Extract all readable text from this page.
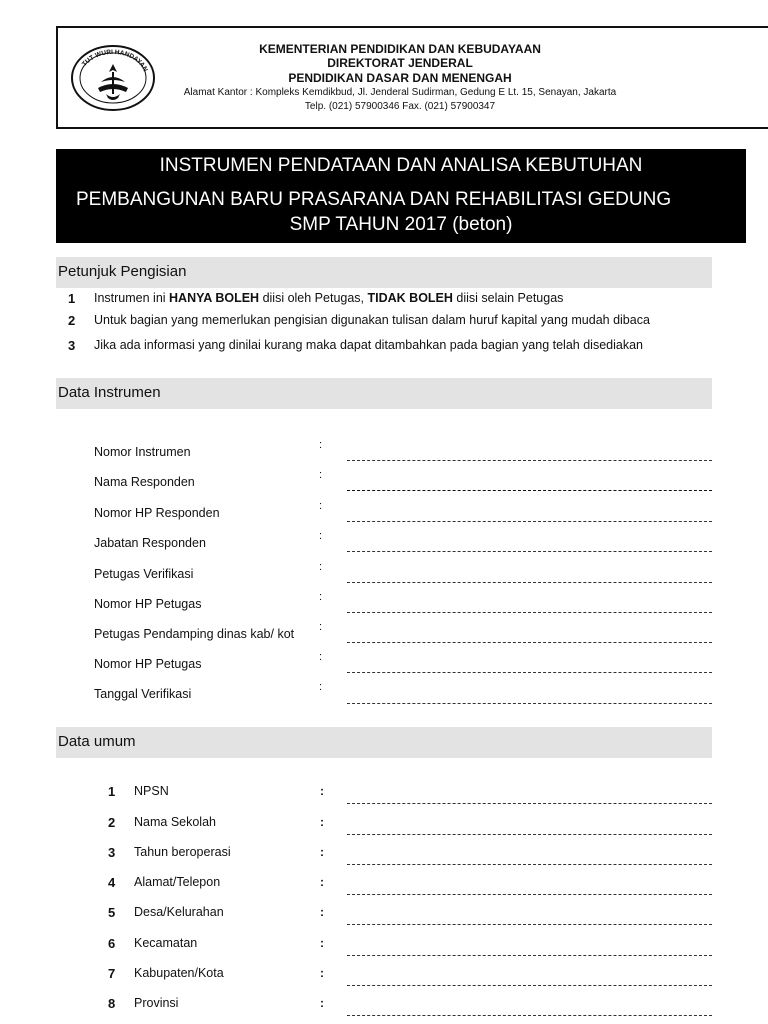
TUT WURI HANDAYAN
KEMENTERIAN PENDIDIKAN DAN KEBUDAYAAN
DIREKTORAT JENDERAL
PENDIDIKAN DASAR DAN MENENGAH
Alamat Kantor : Kompleks Kemdikbud, Jl. Jenderal Sudirman, Gedung E Lt. 15, Senayan, Jakarta
Telp. (021) 57900346 Fax. (021) 57900347
INSTRUMEN PENDATAAN DAN ANALISA KEBUTUHAN
PEMBANGUNAN BARU PRASARANA DAN REHABILITASI GEDUNG
SMP TAHUN 2017 (beton)
Petunjuk Pengisian
1	Instrumen ini HANYA BOLEH diisi oleh Petugas, TIDAK BOLEH diisi selain Petugas
2	Untuk bagian yang memerlukan pengisian digunakan tulisan dalam huruf kapital yang mudah dibaca
3	Jika ada informasi yang dinilai kurang maka dapat ditambahkan pada bagian yang telah disediakan
Data Instrumen
Nomor Instrumen	:
Nama Responden	:
Nomor HP Responden	:
Jabatan Responden	:
Petugas Verifikasi	:
Nomor HP Petugas	:
Petugas Pendamping dinas kab/ kot :
Nomor HP Petugas	:
Tanggal Verifikasi	:
Data umum
1 NPSN	:
2 Nama Sekolah	:
3 Tahun beroperasi	:
4 Alamat/Telepon	:
5 Desa/Kelurahan	:
6 Kecamatan	:
7 Kabupaten/Kota	:
8 Provinsi	:
